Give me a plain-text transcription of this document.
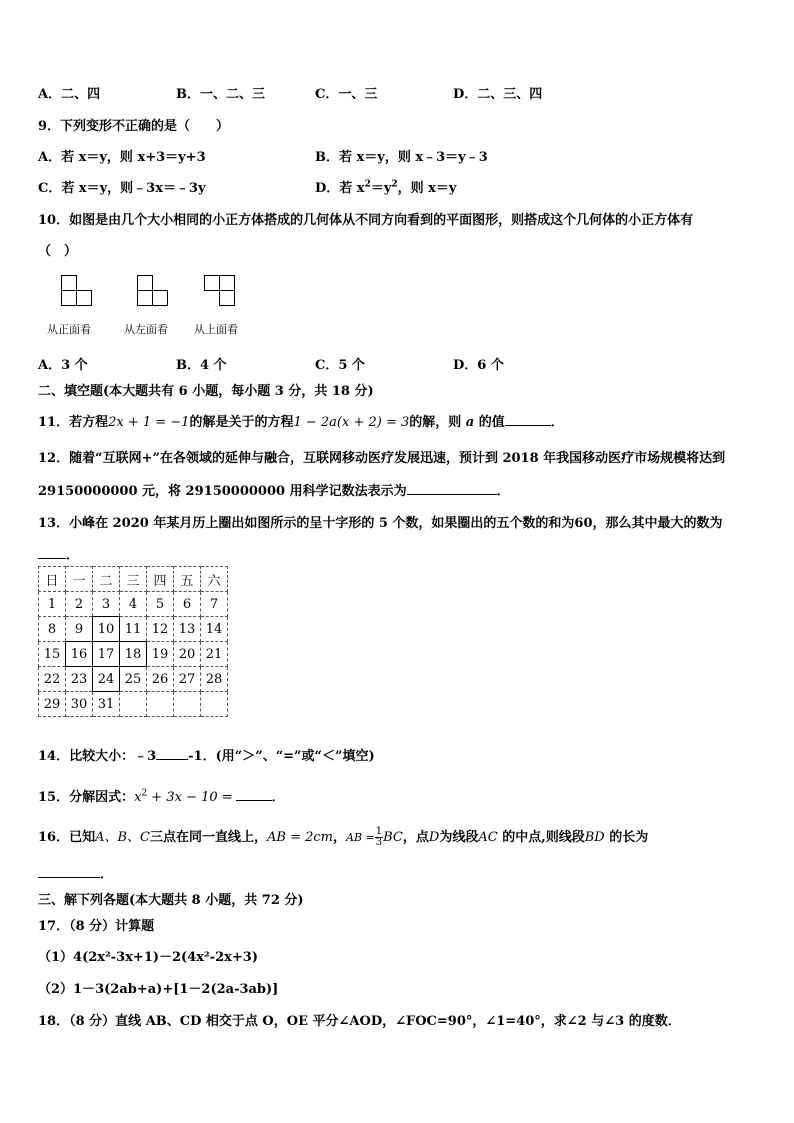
A．二、四	B．一、二、三	C．一、三	D．二、三、四
9．下列变形不正确的是（　　）
A．若 x＝y，则 x+3＝y+3	B．若 x＝y，则 x﹣3＝y﹣3
C．若 x＝y，则﹣3x＝﹣3y	D．若 $x^2=y^2$，则 x＝y
10．如图是由几个大小相同的小正方体搭成的几何体从不同方向看到的平面图形，则搭成这个几何体的小正方体有
（　）
从正面看	从左面看 从上面看
A．3 个	B．4 个	C．5 个	D．6 个
二、填空题(本大题共有 6 小题，每小题 3 分，共 18 分)
11．若方程2x + 1 = −1的解是关于的方程1 − 2a(x + 2) = 3的解，则 a 的值	．
12．随着“互联网+”在各领域的延伸与融合，互联网移动医疗发展迅速，预计到 2018 年我国移动医疗市场规模将达到
29150000000 元，将 29150000000 用科学记数法表示为	．
13．小峰在 2020 年某月历上圈出如图所示的呈十字形的 5 个数，如果圈出的五个数的和为60，那么其中最大的数为
．
日	一	二	三	四	五	六
1	2	3	4	5	6	7
8	9	10	11	12	13	14
15	16	17	18	19	20	21
22	23	24	25	26	27	28
29	30	31				
14．比较大小：﹣3 -1．(用“＞”、“=”或“＜”填空)
15．分解因式：$x^2 + 3x - 10$ =	．
16．已知A、B、C三点在同一直线上，AB = 2cm，AB = $\frac{1}{3}$ BC，点D为线段AC 的中点,则线段BD 的长为
．
三、解下列各题(本大题共 8 小题，共 72 分)
17．（8 分）计算题
（1）4(2x²-3x+1)－2(4x²-2x+3)
（2）1－3(2ab+a)+[1－2(2a-3ab)]
18．（8 分）直线 AB、CD 相交于点 O，OE 平分∠AOD，∠FOC=90°，∠1=40°，求∠2 与∠3 的度数．
